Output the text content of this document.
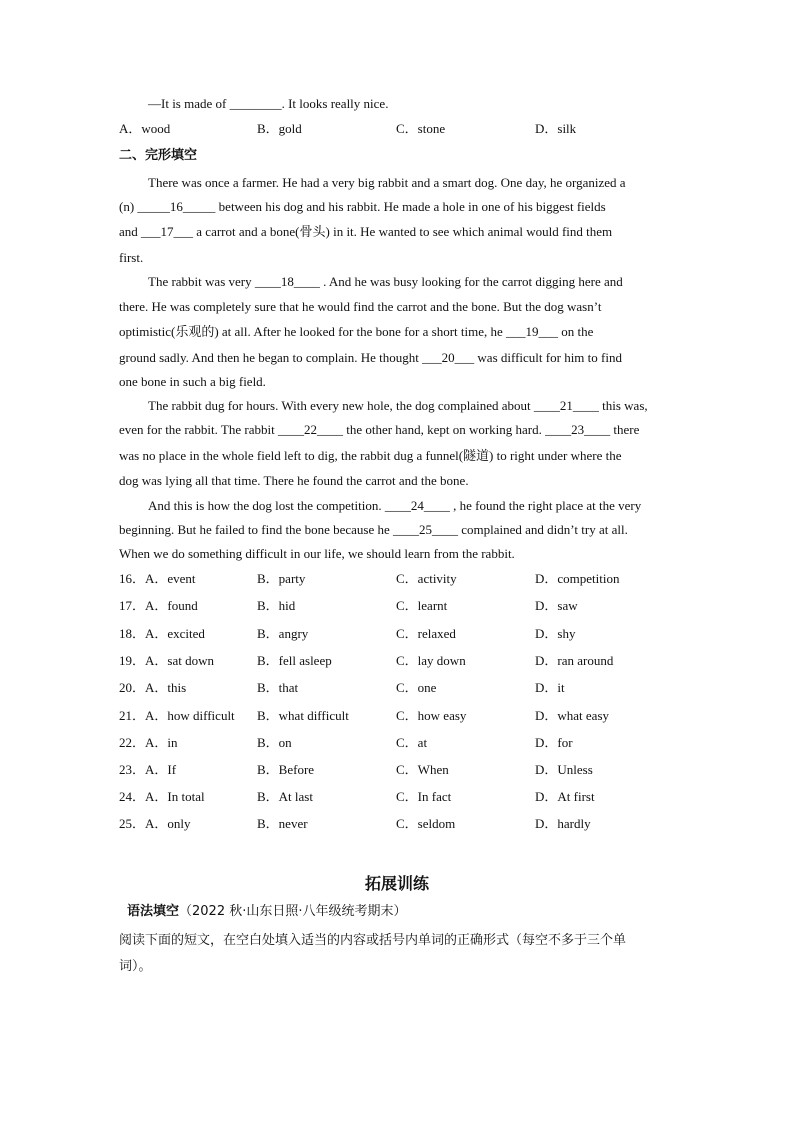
—It is made of ________. It looks really nice.
A．wood	B．gold	C．stone	D．silk
二、完形填空
There was once a farmer. He had a very big rabbit and a smart dog. One day, he organized a
(n) _____16_____ between his dog and his rabbit. He made a hole in one of his biggest fields
and ___17___ a carrot and a bone(骨头) in it. He wanted to see which animal would find them
first.
The rabbit was very ____18____ . And he was busy looking for the carrot digging here and
there. He was completely sure that he would find the carrot and the bone. But the dog wasn’t
optimistic(乐观的) at all. After he looked for the bone for a short time, he ___19___ on the
ground sadly. And then he began to complain. He thought ___20___ was difficult for him to find
one bone in such a big field.
The rabbit dug for hours. With every new hole, the dog complained about ____21____ this was,
even for the rabbit. The rabbit ____22____ the other hand, kept on working hard. ____23____ there
was no place in the whole field left to dig, the rabbit dug a funnel(隧道) to right under where the
dog was lying all that time. There he found the carrot and the bone.
And this is how the dog lost the competition. ____24____ , he found the right place at the very
beginning. But he failed to find the bone because he ____25____ complained and didn’t try at all.
When we do something difficult in our life, we should learn from the rabbit.
16．A．event	B．party	C．activity	D．competition
17．A．found	B．hid	C．learnt	D．saw
18．A．excited	B．angry	C．relaxed	D．shy
19．A．sat down	B．fell asleep	C．lay down	D．ran around
20．A．this	B．that	C．one	D．it
21．A．how difficult B．what difficult	C．how easy	D．what easy
22．A．in	B．on	C．at	D．for
23．A．If	B．Before	C．When	D．Unless
24．A．In total	B．At last	C．In fact	D．At first
25．A．only	B．never	C．seldom	D．hardly
拓展训练
语法填空（2022 秋·山东日照·八年级统考期末）
阅读下面的短文，在空白处填入适当的内容或括号内单词的正确形式（每空不多于三个单
词）。
